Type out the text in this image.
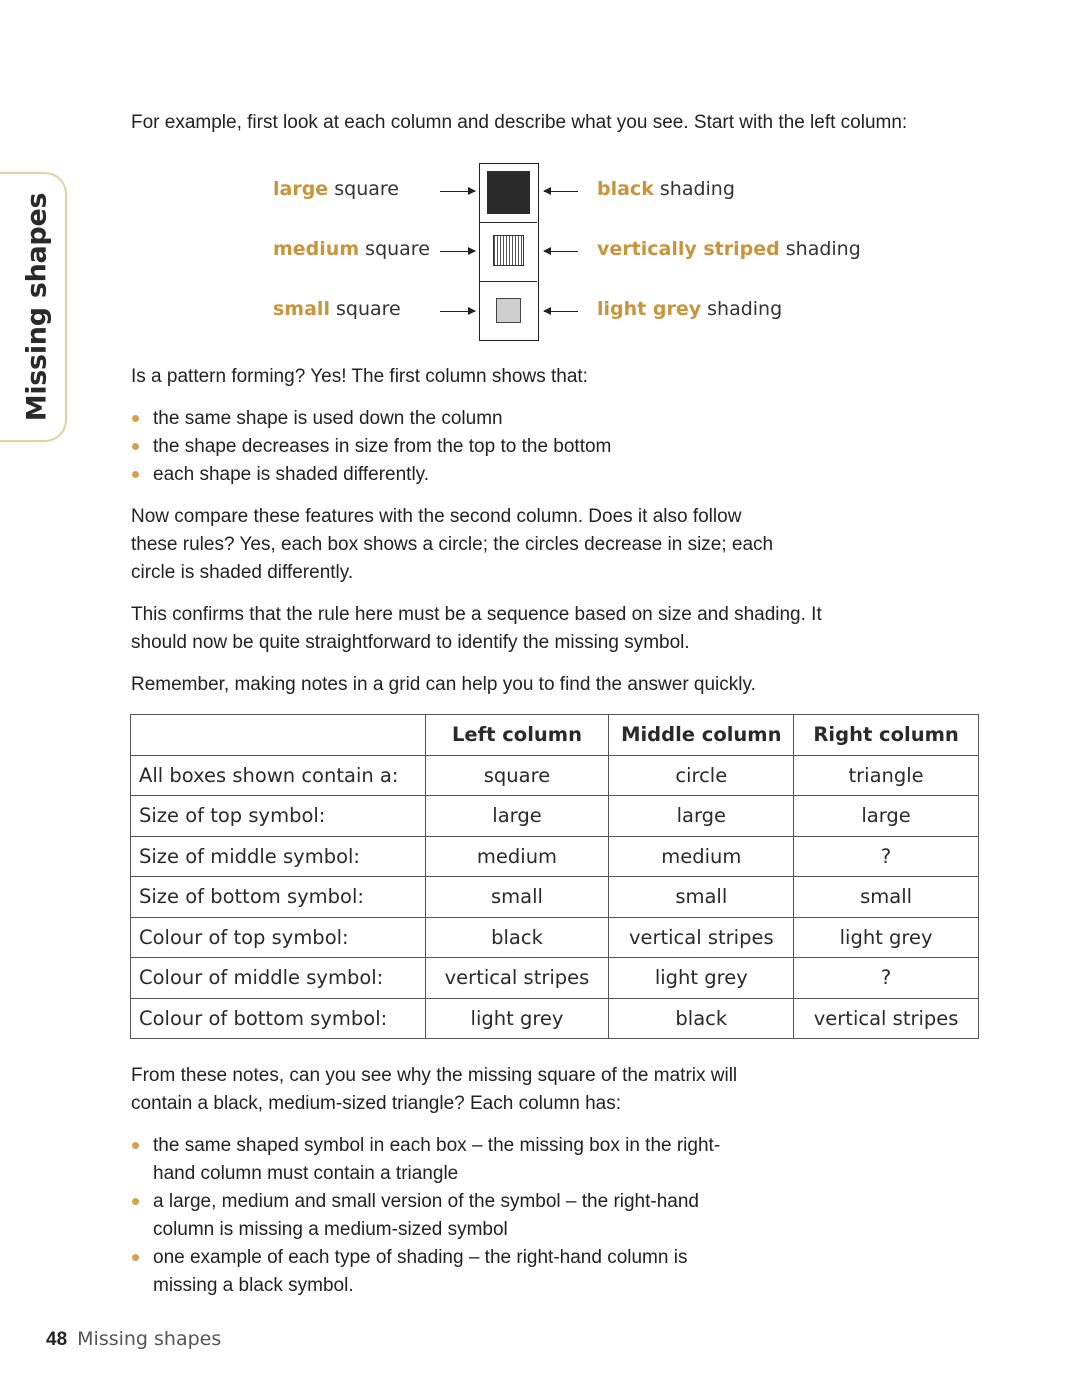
Missing shapes

For example, first look at each column and describe what you see. Start with the left column:

large square
medium square
small square
black shading
vertically striped shading
light grey shading

Is a pattern forming? Yes! The first column shows that:

the same shape is used down the column
the shape decreases in size from the top to the bottom
each shape is shaded differently.

Now compare these features with the second column. Does it also follow these rules? Yes, each box shows a circle; the circles decrease in size; each circle is shaded differently.

This confirms that the rule here must be a sequence based on size and shading. It should now be quite straightforward to identify the missing symbol.

Remember, making notes in a grid can help you to find the answer quickly.

	Left column	Middle column	Right column
All boxes shown contain a:	square	circle	triangle
Size of top symbol:	large	large	large
Size of middle symbol:	medium	medium	?
Size of bottom symbol:	small	small	small
Colour of top symbol:	black	vertical stripes	light grey
Colour of middle symbol:	vertical stripes	light grey	?
Colour of bottom symbol:	light grey	black	vertical stripes

From these notes, can you see why the missing square of the matrix will contain a black, medium-sized triangle? Each column has:

the same shaped symbol in each box – the missing box in the right-hand column must contain a triangle
a large, medium and small version of the symbol – the right-hand column is missing a medium-sized symbol
one example of each type of shading – the right-hand column is missing a black symbol.
48 Missing shapes
